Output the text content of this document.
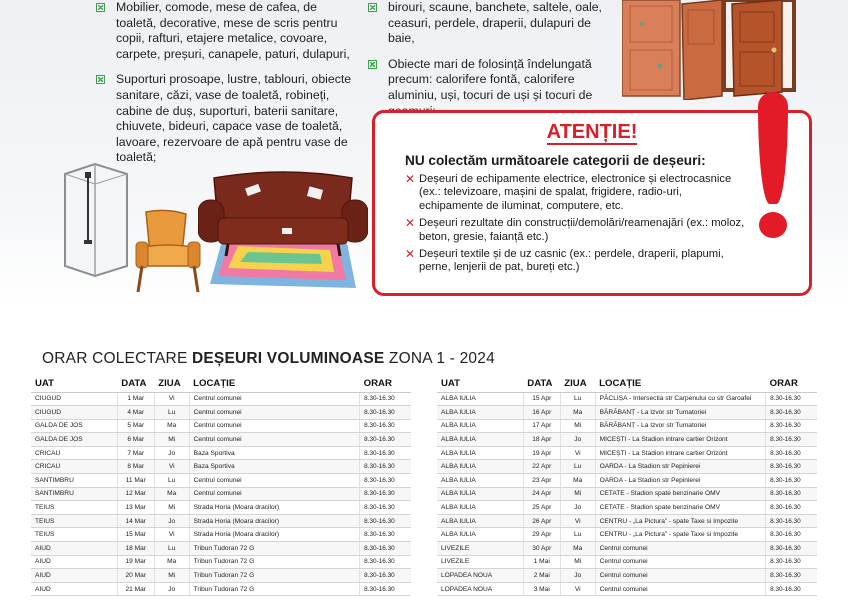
Mobilier, comode, mese de cafea, de toaletă, decorative, mese de scris pentru copii, rafturi, etajere metalice, covoare, carpete, preșuri, canapele, paturi, dulapuri,
Suporturi prosoape, lustre, tablouri, obiecte sanitare, căzi, vase de toaletă, robineți, cabine de duș, suporturi, baterii sanitare, chiuvete, bideuri, capace vase de toaletă, lavoare, rezervoare de apă pentru vase de toaletă;
birouri, scaune, banchete, saltele, oale, ceasuri, perdele, draperii, dulapuri de baie,
Obiecte mari de folosință îndelungată precum: calorifere fontă, calorifere aluminiu, uși, tocuri de uși și tocuri de
ATENȚIE!
NU colectăm următoarele categorii de deșeuri:
✕ Deșeuri de echipamente electrice, electronice și electrocasnice (ex.: televizoare, mașini de spalat, frigidere, radio-uri, echipamente de iluminat, computere, etc.
✕ Deșeuri rezultate din construcții/demolări/reamenajări (ex.: moloz, beton, gresie, faianță etc.)
✕ Deșeuri textile și de uz casnic (ex.: perdele, draperii, plapumi, perne, lenjerii de pat, bureți etc.)
ORAR COLECTARE DEȘEURI VOLUMINOASE ZONA 1 - 2024
UAT	DATA	ZIUA	LOCAȚIE	ORAR
CIUGUD	1 Mar	Vi	Centrul comunei	8.30-16.30
CIUGUD	4 Mar	Lu	Centrul comunei	8.30-16.30
GALDA DE JOS	5 Mar	Ma	Centrul comunei	8.30-16.30
GALDA DE JOS	6 Mar	Mi	Centrul comunei	8.30-16.30
CRICAU	7 Mar	Jo	Baza Sportiva	8.30-16.30
CRICAU	8 Mar	Vi	Baza Sportiva	8.30-16.30
SANTIMBRU	11 Mar	Lu	Centrul comunei	8.30-16.30
SANTIMBRU	12 Mar	Ma	Centrul comunei	8.30-16.30
TEIUS	13 Mar	Mi	Strada Horia (Moara dracilor)	8.30-16.30
TEIUS	14 Mar	Jo	Strada Horia (Moara dracilor)	8.30-16.30
TEIUS	15 Mar	Vi	Strada Horia (Moara dracilor)	8.30-16.30
AIUD	18 Mar	Lu	Tribun Tudoran 72 G	8.30-16.30
AIUD	19 Mar	Ma	Tribun Tudoran 72 G	8.30-16.30
AIUD	20 Mar	Mi	Tribun Tudoran 72 G	8.30-16.30
AIUD	21 Mar	Jo	Tribun Tudoran 72 G	8.30-16.30
UAT	DATA	ZIUA	LOCAȚIE	ORAR
ALBA IULIA	15 Apr	Lu	PĂCLIȘA - Intersectia str Carpenului cu str Garoafei	8.30-16.30
ALBA IULIA	16 Apr	Ma	BĂRĂBANȚ - La Izvor str Tumatoriei	8.30-16.30
ALBA IULIA	17 Apr	Mi	BĂRĂBANȚ - La Izvor str Tumatoriei	8.30-16.30
ALBA IULIA	18 Apr	Jo	MICEȘTI - La Stadion intrare cartier Orizont	8.30-16.30
ALBA IULIA	19 Apr	Vi	MICEȘTI - La Stadion intrare cartier Orizont	8.30-16.30
ALBA IULIA	22 Apr	Lu	OARDA - La Stadion str Pepinierei	8.30-16.30
ALBA IULIA	23 Apr	Ma	OARDA - La Stadion str Pepinierei	8.30-16.30
ALBA IULIA	24 Apr	Mi	CETATE - Stadion spate benzinarie OMV	8.30-16.30
ALBA IULIA	25 Apr	Jo	CETATE - Stadion spate benzinarie OMV	8.30-16.30
ALBA IULIA	26 Apr	Vi	CENTRU - „La Pictura” - spate Taxe si Impozite	8.30-16.30
ALBA IULIA	29 Apr	Lu	CENTRU - „La Pictura” - spate Taxe si Impozite	8.30-16.30
LIVEZILE	30 Apr	Ma	Centrul comunei	8.30-16.30
LIVEZILE	1 Mai	Mi	Centrul comunei	8.30-16.30
LOPADEA NOUA	2 Mai	Jo	Centrul comunei	8.30-16.30
LOPADEA NOUA	3 Mai	Vi	Centrul comunei	8.30-16.30
